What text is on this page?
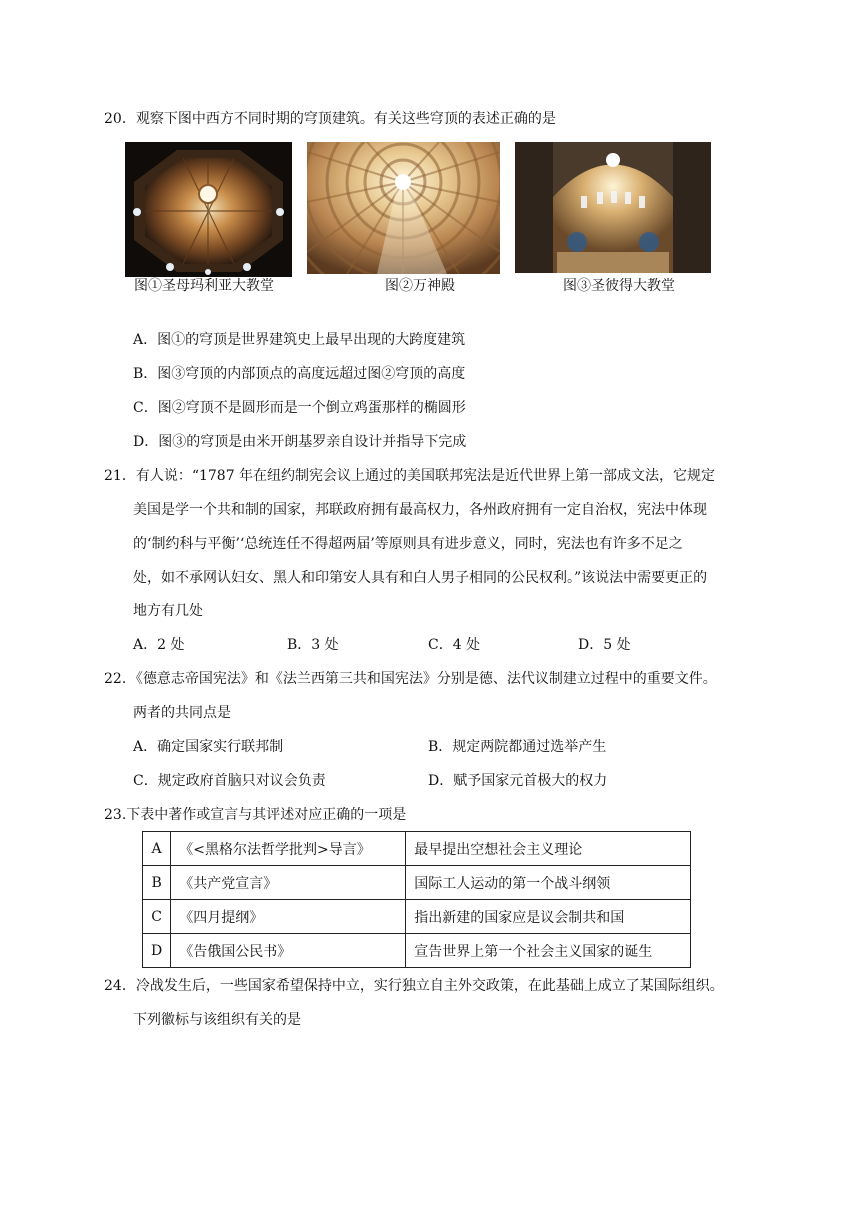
20．观察下图中西方不同时期的穹顶建筑。有关这些穹顶的表述正确的是
图①圣母玛利亚大教堂	图②万神殿	图③圣彼得大教堂
A．图①的穹顶是世界建筑史上最早出现的大跨度建筑
B．图③穹顶的内部顶点的高度远超过图②穹顶的高度
C．图②穹顶不是圆形而是一个倒立鸡蛋那样的椭圆形
D．图③的穹顶是由米开朗基罗亲自设计并指导下完成
21．有人说：“1787 年在纽约制宪会议上通过的美国联邦宪法是近代世界上第一部成文法，它规定
美国是学一个共和制的国家，邦联政府拥有最高权力，各州政府拥有一定自治权，宪法中体现
的‘制约科与平衡’‘总统连任不得超两届’等原则具有进步意义，同时，宪法也有许多不足之
处，如不承网认妇女、黑人和印第安人具有和白人男子相同的公民权利。”该说法中需要更正的
地方有几处
A．2 处	B．3 处	C．4 处	D．5 处
22．《德意志帝国宪法》和《法兰西第三共和国宪法》分别是德、法代议制建立过程中的重要文件。
两者的共同点是
A．确定国家实行联邦制	B．规定两院都通过选举产生
C．规定政府首脑只对议会负责	D．赋予国家元首极大的权力
23.下表中著作或宣言与其评述对应正确的一项是
A	《<黑格尔法哲学批判>导言》	最早提出空想社会主义理论
B	《共产党宣言》	国际工人运动的第一个战斗纲领
C	《四月提纲》	指出新建的国家应是议会制共和国
D	《告俄国公民书》	宣告世界上第一个社会主义国家的诞生
24．冷战发生后，一些国家希望保持中立，实行独立自主外交政策，在此基础上成立了某国际组织。
下列徽标与该组织有关的是
